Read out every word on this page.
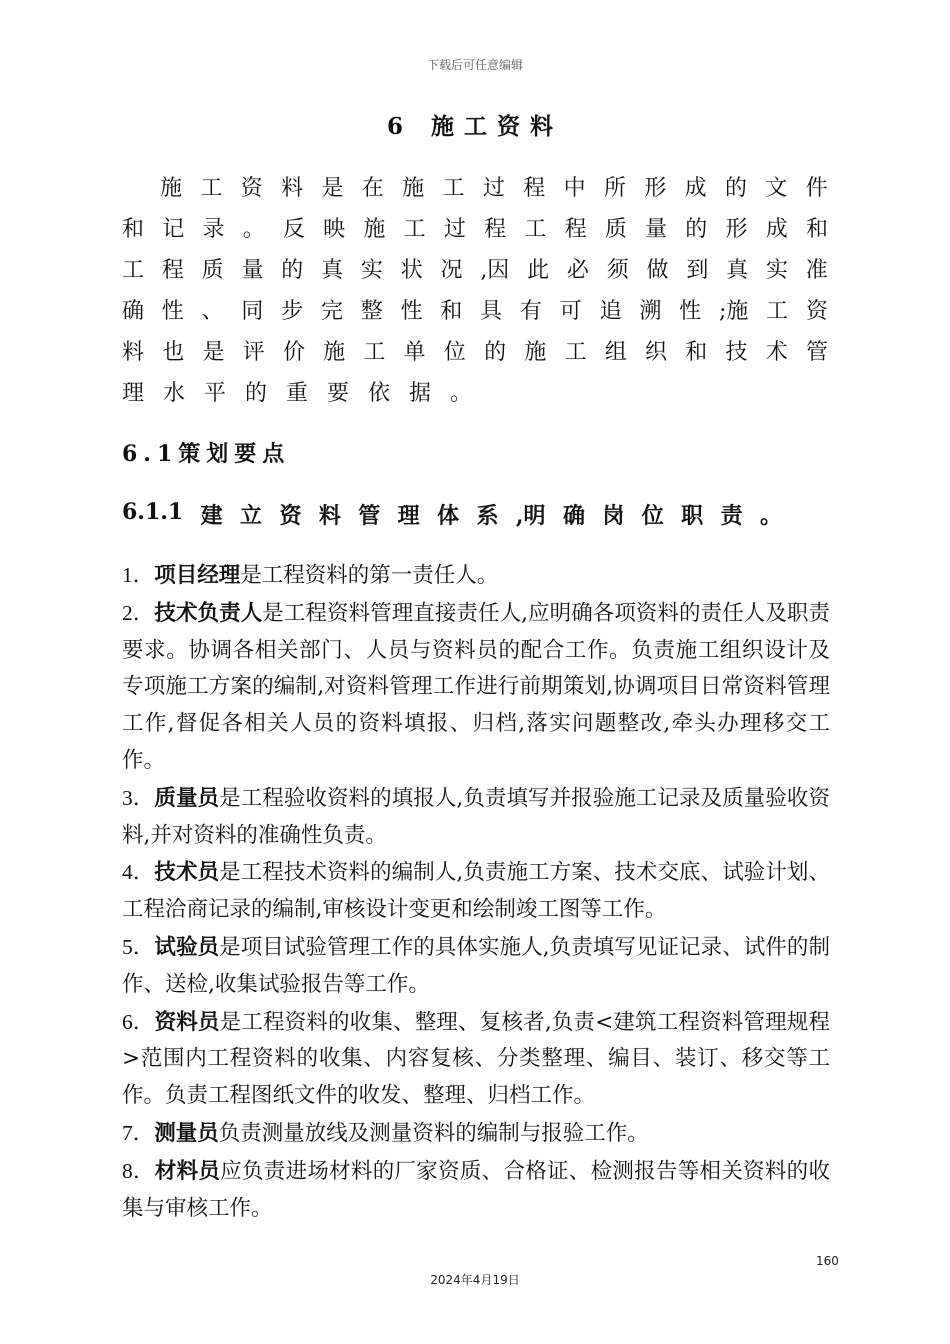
下载后可任意编辑
6 施工资料
施 工 资 料 是 在 施 工 过 程 中 所 形 成 的 文 件
和 记 录 。 反 映 施 工 过 程 工 程 质 量 的 形 成 和
工 程 质 量 的 真 实 状 况 ,因 此 必 须 做 到 真 实 准
确 性 、 同 步 完 整 性 和 具 有 可 追 溯 性 ;施 工 资
料 也 是 评 价 施 工 单 位 的 施 工 组 织 和 技 术 管
理水平的重要依据。
6.1策划要点
6.1.1 建 立 资 料 管 理 体 系 ,明 确 岗 位 职 责 。
1．项目经理是工程资料的第一责任人。
2．技术负责人是工程资料管理直接责任人,应明确各项资料的责任人及职责要求。协调各相关部门、人员与资料员的配合工作。负责施工组织设计及专项施工方案的编制,对资料管理工作进行前期策划,协调项目日常资料管理工作,督促各相关人员的资料填报、归档,落实问题整改,牵头办理移交工作。
3．质量员是工程验收资料的填报人,负责填写并报验施工记录及质量验收资料,并对资料的准确性负责。
4．技术员是工程技术资料的编制人,负责施工方案、技术交底、试验计划、工程洽商记录的编制,审核设计变更和绘制竣工图等工作。
5．试验员是项目试验管理工作的具体实施人,负责填写见证记录、试件的制作、送检,收集试验报告等工作。
6．资料员是工程资料的收集、整理、复核者,负责<建筑工程资料管理规程>范围内工程资料的收集、内容复核、分类整理、编目、装订、移交等工作。负责工程图纸文件的收发、整理、归档工作。
7．测量员负责测量放线及测量资料的编制与报验工作。
8．材料员应负责进场材料的厂家资质、合格证、检测报告等相关资料的收集与审核工作。
160
2024年4月19日
